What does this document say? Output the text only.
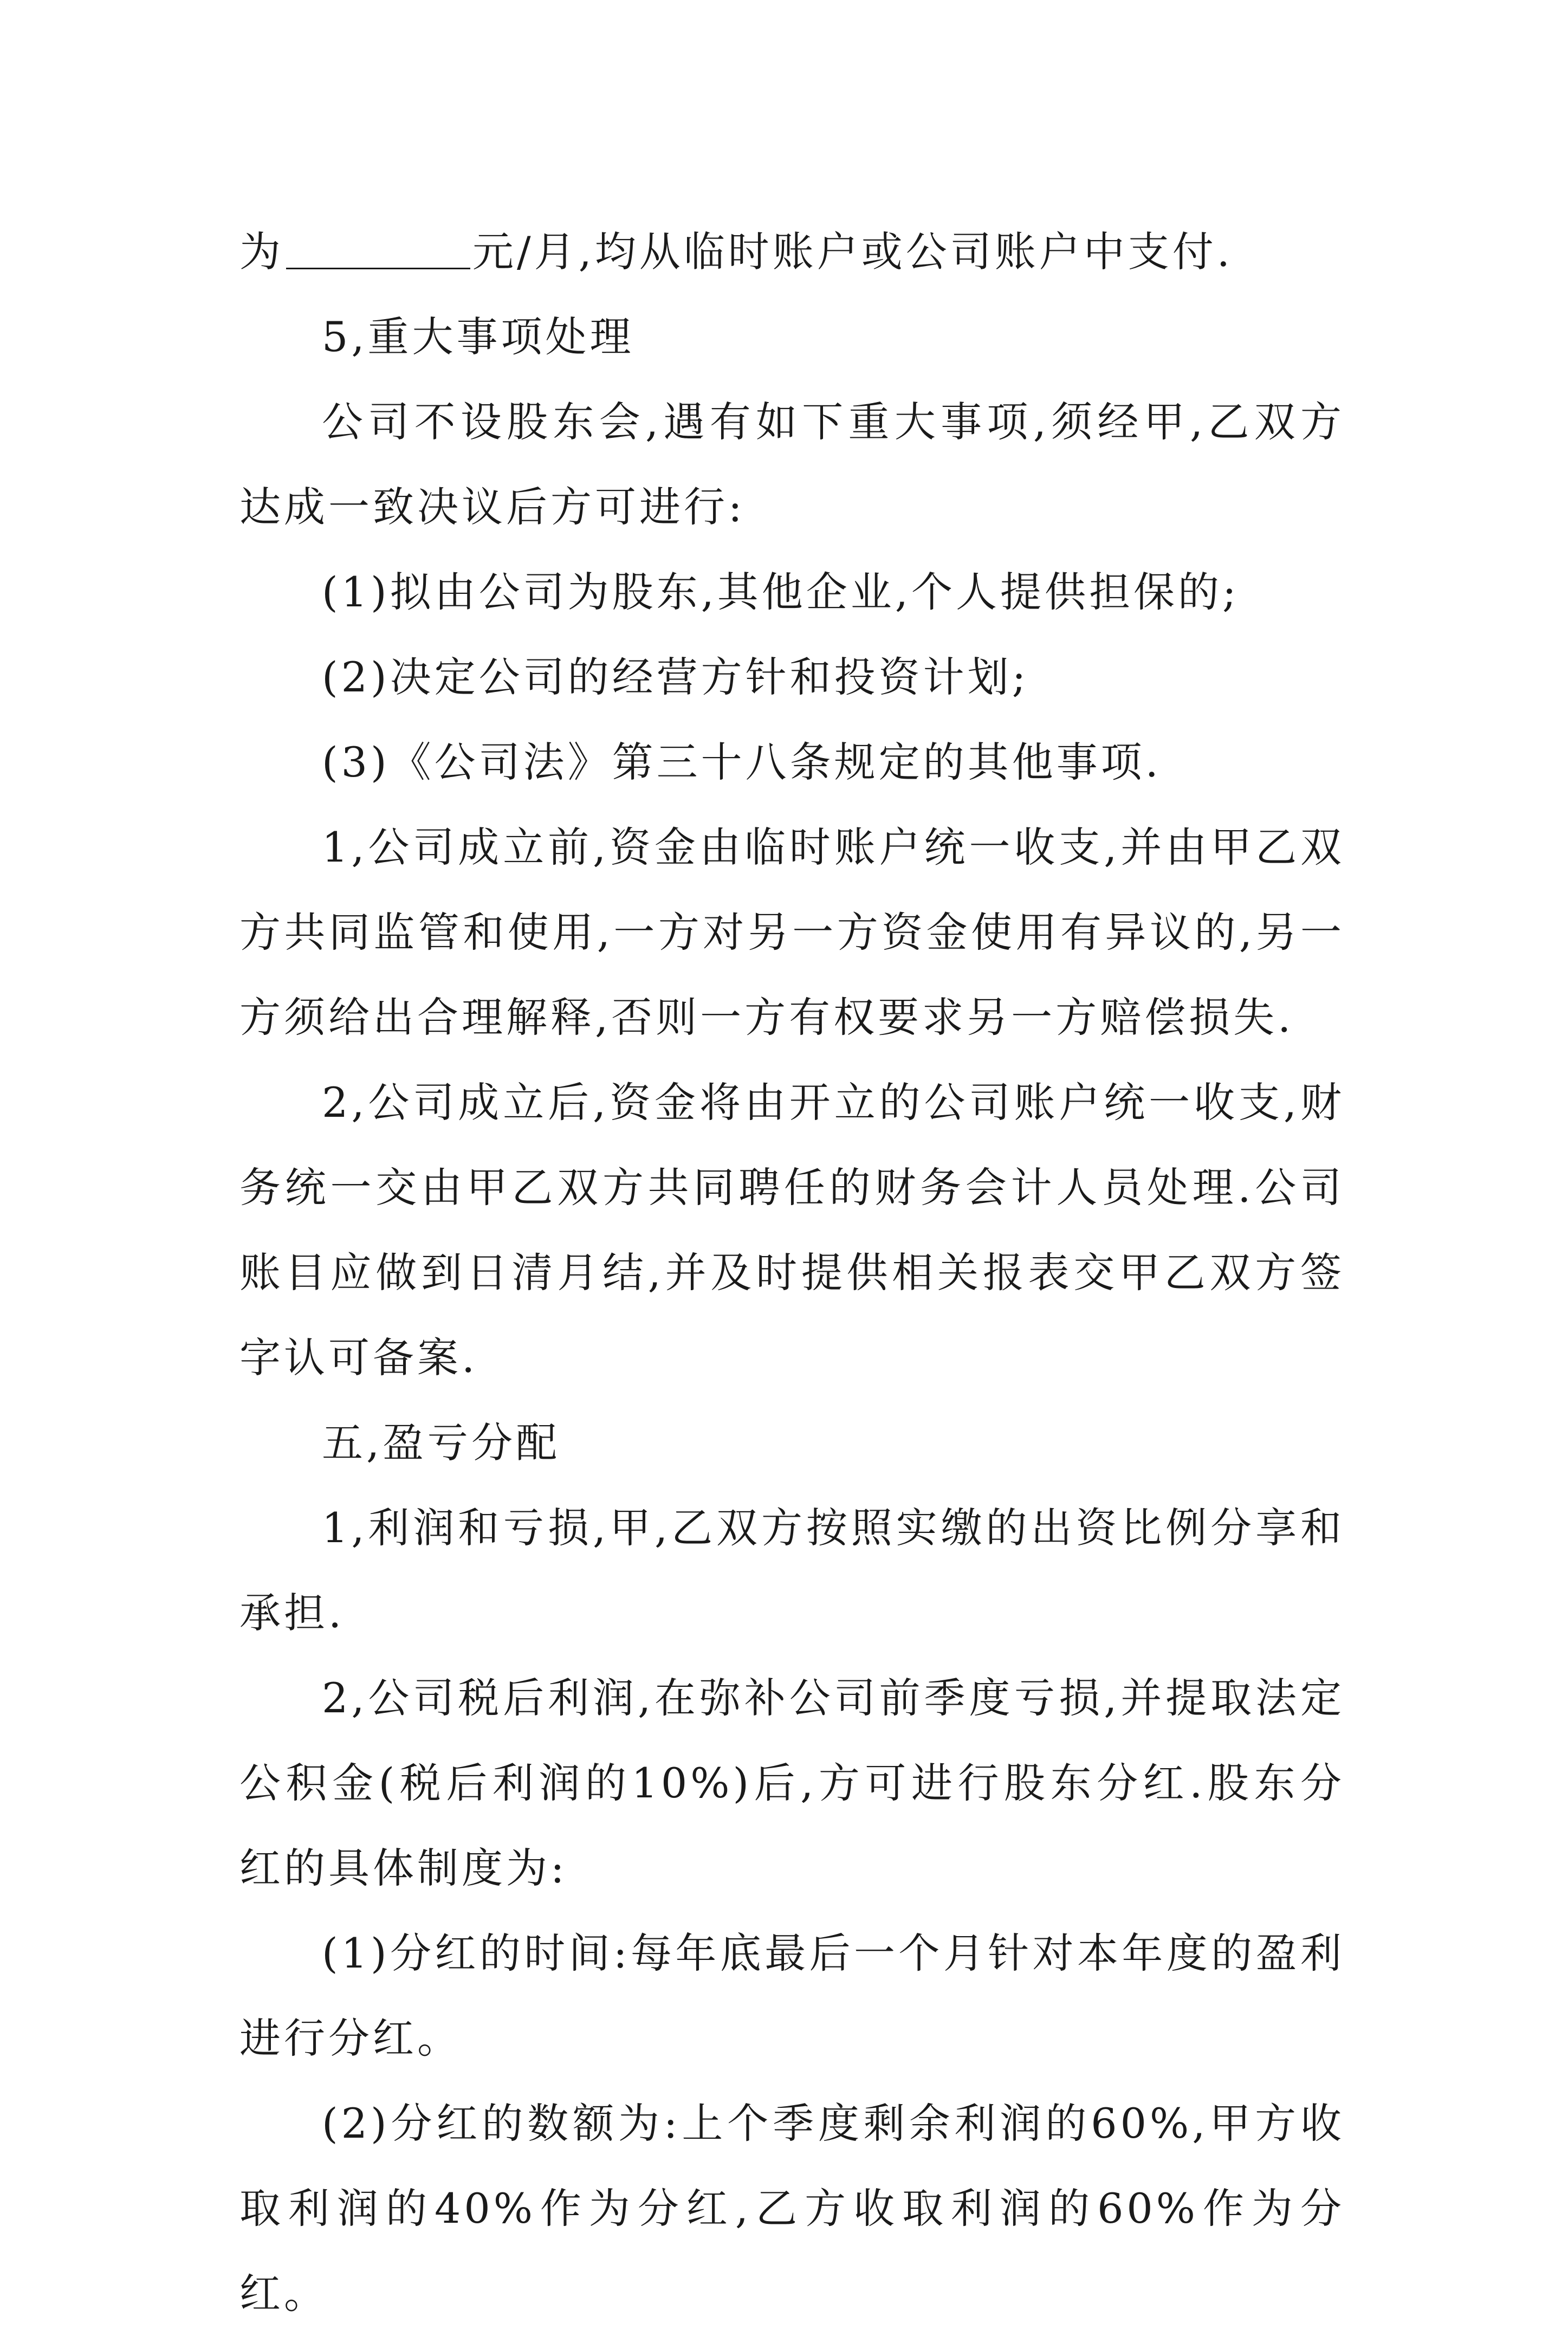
为	元/月,均从临时账户或公司账户中支付.

5,重大事项处理

公司不设股东会,遇有如下重大事项,须经甲,乙双方达成一致决议后方可进行:

(1)拟由公司为股东,其他企业,个人提供担保的;

(2)决定公司的经营方针和投资计划;

(3)《公司法》第三十八条规定的其他事项.

1,公司成立前,资金由临时账户统一收支,并由甲乙双方共同监管和使用,一方对另一方资金使用有异议的,另一方须给出合理解释,否则一方有权要求另一方赔偿损失.

2,公司成立后,资金将由开立的公司账户统一收支,财务统一交由甲乙双方共同聘任的财务会计人员处理.公司账目应做到日清月结,并及时提供相关报表交甲乙双方签字认可备案.

五,盈亏分配

1,利润和亏损,甲,乙双方按照实缴的出资比例分享和承担.

2,公司税后利润,在弥补公司前季度亏损,并提取法定公积金(税后利润的10%)后,方可进行股东分红.股东分红的具体制度为:

(1)分红的时间:每年底最后一个月针对本年度的盈利进行分红。

(2)分红的数额为:上个季度剩余利润的60%,甲方收取利润的40%作为分红,乙方收取利润的60%作为分红。
